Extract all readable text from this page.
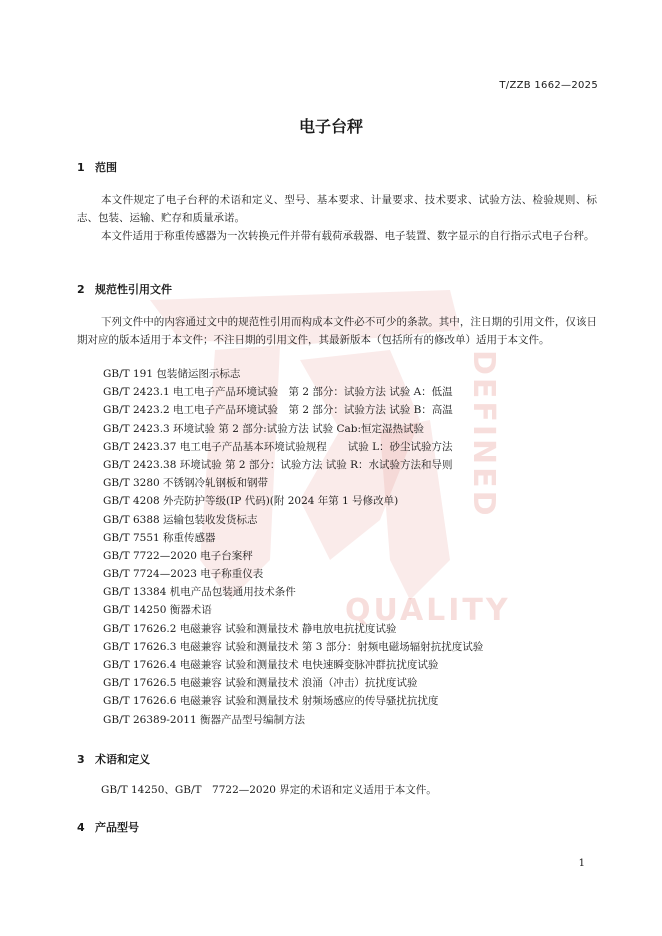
DEFINED
QUALITY
T/ZZB 1662—2025
电子台秤
1 范围

本文件规定了电子台秤的术语和定义、型号、基本要求、计量要求、技术要求、试验方法、检验规则、标志、包装、运输、贮存和质量承诺。

本文件适用于称重传感器为一次转换元件并带有载荷承载器、电子装置、数字显示的自行指示式电子台秤。

2 规范性引用文件

下列文件中的内容通过文中的规范性引用而构成本文件必不可少的条款。其中，注日期的引用文件，仅该日期对应的版本适用于本文件；不注日期的引用文件，其最新版本（包括所有的修改单）适用于本文件。

GB/T 191 包装储运图示标志
GB/T 2423.1 电工电子产品环境试验　第 2 部分：试验方法 试验 A：低温
GB/T 2423.2 电工电子产品环境试验　第 2 部分：试验方法 试验 B：高温
GB/T 2423.3 环境试验 第 2 部分:试验方法 试验 Cab:恒定湿热试验
GB/T 2423.37 电工电子产品基本环境试验规程　　试验 L：砂尘试验方法
GB/T 2423.38 环境试验 第 2 部分：试验方法 试验 R：水试验方法和导则
GB/T 3280 不锈钢冷轧钢板和钢带
GB/T 4208 外壳防护等级(IP 代码)(附 2024 年第 1 号修改单)
GB/T 6388 运输包装收发货标志
GB/T 7551 称重传感器
GB/T 7722—2020 电子台案秤
GB/T 7724—2023 电子称重仪表
GB/T 13384 机电产品包装通用技术条件
GB/T 14250 衡器术语
GB/T 17626.2 电磁兼容 试验和测量技术 静电放电抗扰度试验
GB/T 17626.3 电磁兼容 试验和测量技术 第 3 部分：射频电磁场辐射抗扰度试验
GB/T 17626.4 电磁兼容 试验和测量技术 电快速瞬变脉冲群抗扰度试验
GB/T 17626.5 电磁兼容 试验和测量技术 浪涌（冲击）抗扰度试验
GB/T 17626.6 电磁兼容 试验和测量技术 射频场感应的传导骚扰抗扰度
GB/T 26389-2011 衡器产品型号编制方法
3 术语和定义

GB/T 14250、GB/T　7722—2020 界定的术语和定义适用于本文件。

4 产品型号
1
